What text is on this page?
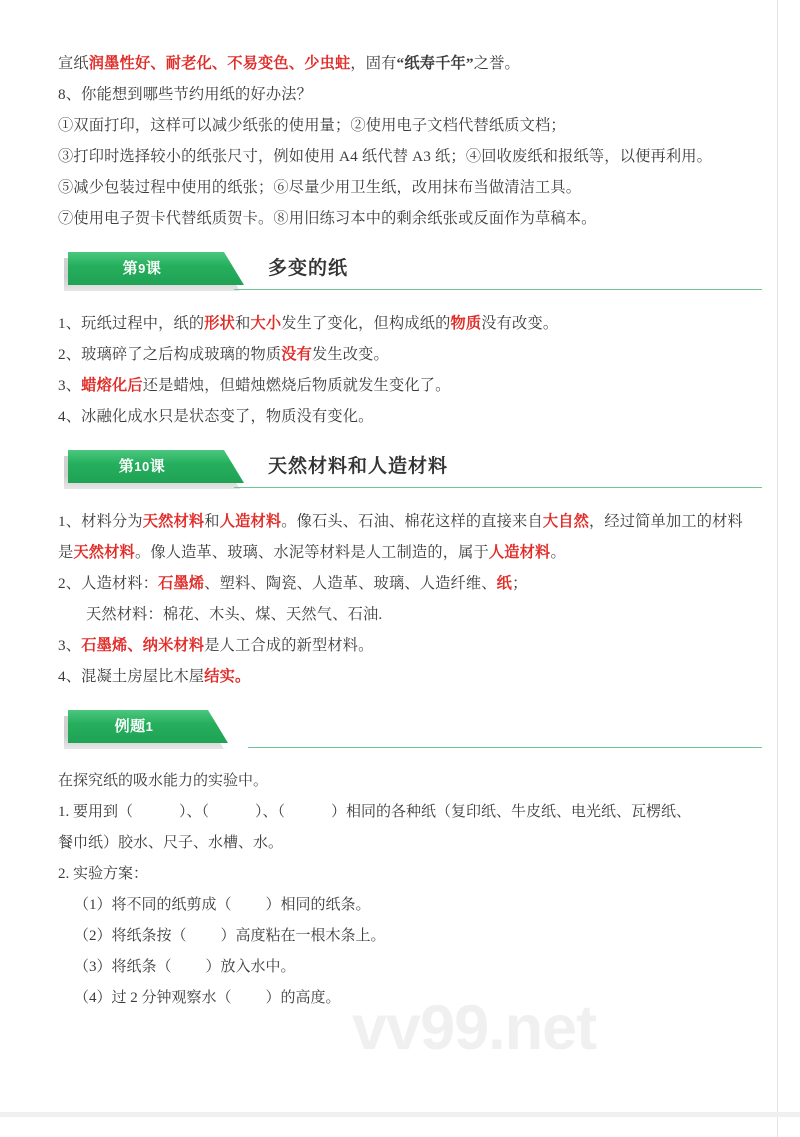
vv99.net

宣纸润墨性好、耐老化、不易变色、少虫蛀，固有“纸寿千年”之誉。

8、你能想到哪些节约用纸的好办法？

①双面打印，这样可以减少纸张的使用量；②使用电子文档代替纸质文档；

③打印时选择较小的纸张尺寸，例如使用 A4 纸代替 A3 纸；④回收废纸和报纸等，以便再利用。

⑤减少包装过程中使用的纸张；⑥尽量少用卫生纸，改用抹布当做清洁工具。

⑦使用电子贺卡代替纸质贺卡。⑧用旧练习本中的剩余纸张或反面作为草稿本。

第9课	多变的纸

1、玩纸过程中，纸的形状和大小发生了变化，但构成纸的物质没有改变。

2、玻璃碎了之后构成玻璃的物质没有发生改变。

3、蜡熔化后还是蜡烛，但蜡烛燃烧后物质就发生变化了。

4、冰融化成水只是状态变了，物质没有变化。

第10课	天然材料和人造材料

1、材料分为天然材料和人造材料。像石头、石油、棉花这样的直接来自大自然，经过简单加工的材料是天然材料。像人造革、玻璃、水泥等材料是人工制造的，属于人造材料。

2、人造材料：石墨烯、塑料、陶瓷、人造革、玻璃、人造纤维、纸；

天然材料：棉花、木头、煤、天然气、石油.

3、石墨烯、纳米材料是人工合成的新型材料。

4、混凝土房屋比木屋结实。

例题1

在探究纸的吸水能力的实验中。

1. 要用到（	）、（	）、（	）相同的各种纸（复印纸、牛皮纸、电光纸、瓦楞纸、

餐巾纸）胶水、尺子、水槽、水。

2. 实验方案：

（1）将不同的纸剪成（ ）相同的纸条。

（2）将纸条按（ ）高度粘在一根木条上。

（3）将纸条（ ）放入水中。

（4）过 2 分钟观察水（ ）的高度。
